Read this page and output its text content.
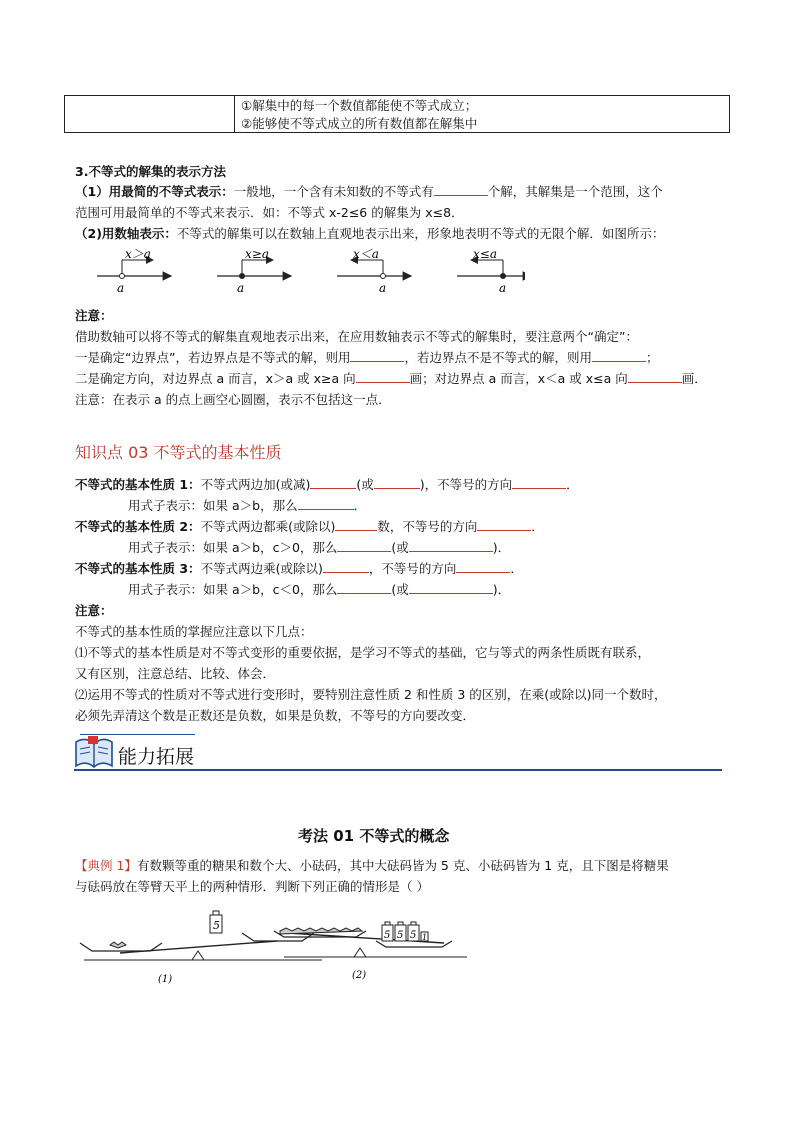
①解集中的每一个数值都能使不等式成立；
②能够使不等式成立的所有数值都在解集中
3.不等式的解集的表示方法
（1）用最简的不等式表示：一般地，一个含有未知数的不等式有	个解，其解集是一个范围，这个
范围可用最简单的不等式来表示．如：不等式 x-2≤6 的解集为 x≤8．
（2)用数轴表示：不等式的解集可以在数轴上直观地表示出来，形象地表明不等式的无限个解．如图所示：
x＞a
a
x≥a
a
x＜a
a
x≤a
a
注意：
借助数轴可以将不等式的解集直观地表示出来，在应用数轴表示不等式的解集时，要注意两个“确定”：
一是确定“边界点”，若边界点是不等式的解，则用	，若边界点不是不等式的解，则用	；
二是确定方向，对边界点 a 而言，x＞a 或 x≥a 向	画；对边界点 a 而言，x＜a 或 x≤a 向	画．
注意：在表示 a 的点上画空心圆圈，表示不包括这一点．
知识点 03 不等式的基本性质
不等式的基本性质 1：不等式两边加(或减)	(或	)，不等号的方向	．
用式子表示：如果 a＞b，那么	．
不等式的基本性质 2：不等式两边都乘(或除以)	数，不等号的方向	．
用式子表示：如果 a＞b，c＞0，那么	(或	)．
不等式的基本性质 3：不等式两边乘(或除以)	，不等号的方向	．
用式子表示：如果 a＞b，c＜0，那么	(或	)．
注意：
不等式的基本性质的掌握应注意以下几点：
⑴不等式的基本性质是对不等式变形的重要依据，是学习不等式的基础，它与等式的两条性质既有联系，
又有区别，注意总结、比较、体会．
⑵运用不等式的性质对不等式进行变形时，要特别注意性质 2 和性质 3 的区别，在乘(或除以)同一个数时，
必须先弄清这个数是正数还是负数，如果是负数，不等号的方向要改变．
能力拓展
考法 01 不等式的概念
【典例 1】有数颗等重的糖果和数个大、小砝码，其中大砝码皆为 5 克、小砝码皆为 1 克，且下图是将糖果
与砝码放在等臂天平上的两种情形．判断下列正确的情形是（ ）
5
(1)
5 5 5 1
(2)
